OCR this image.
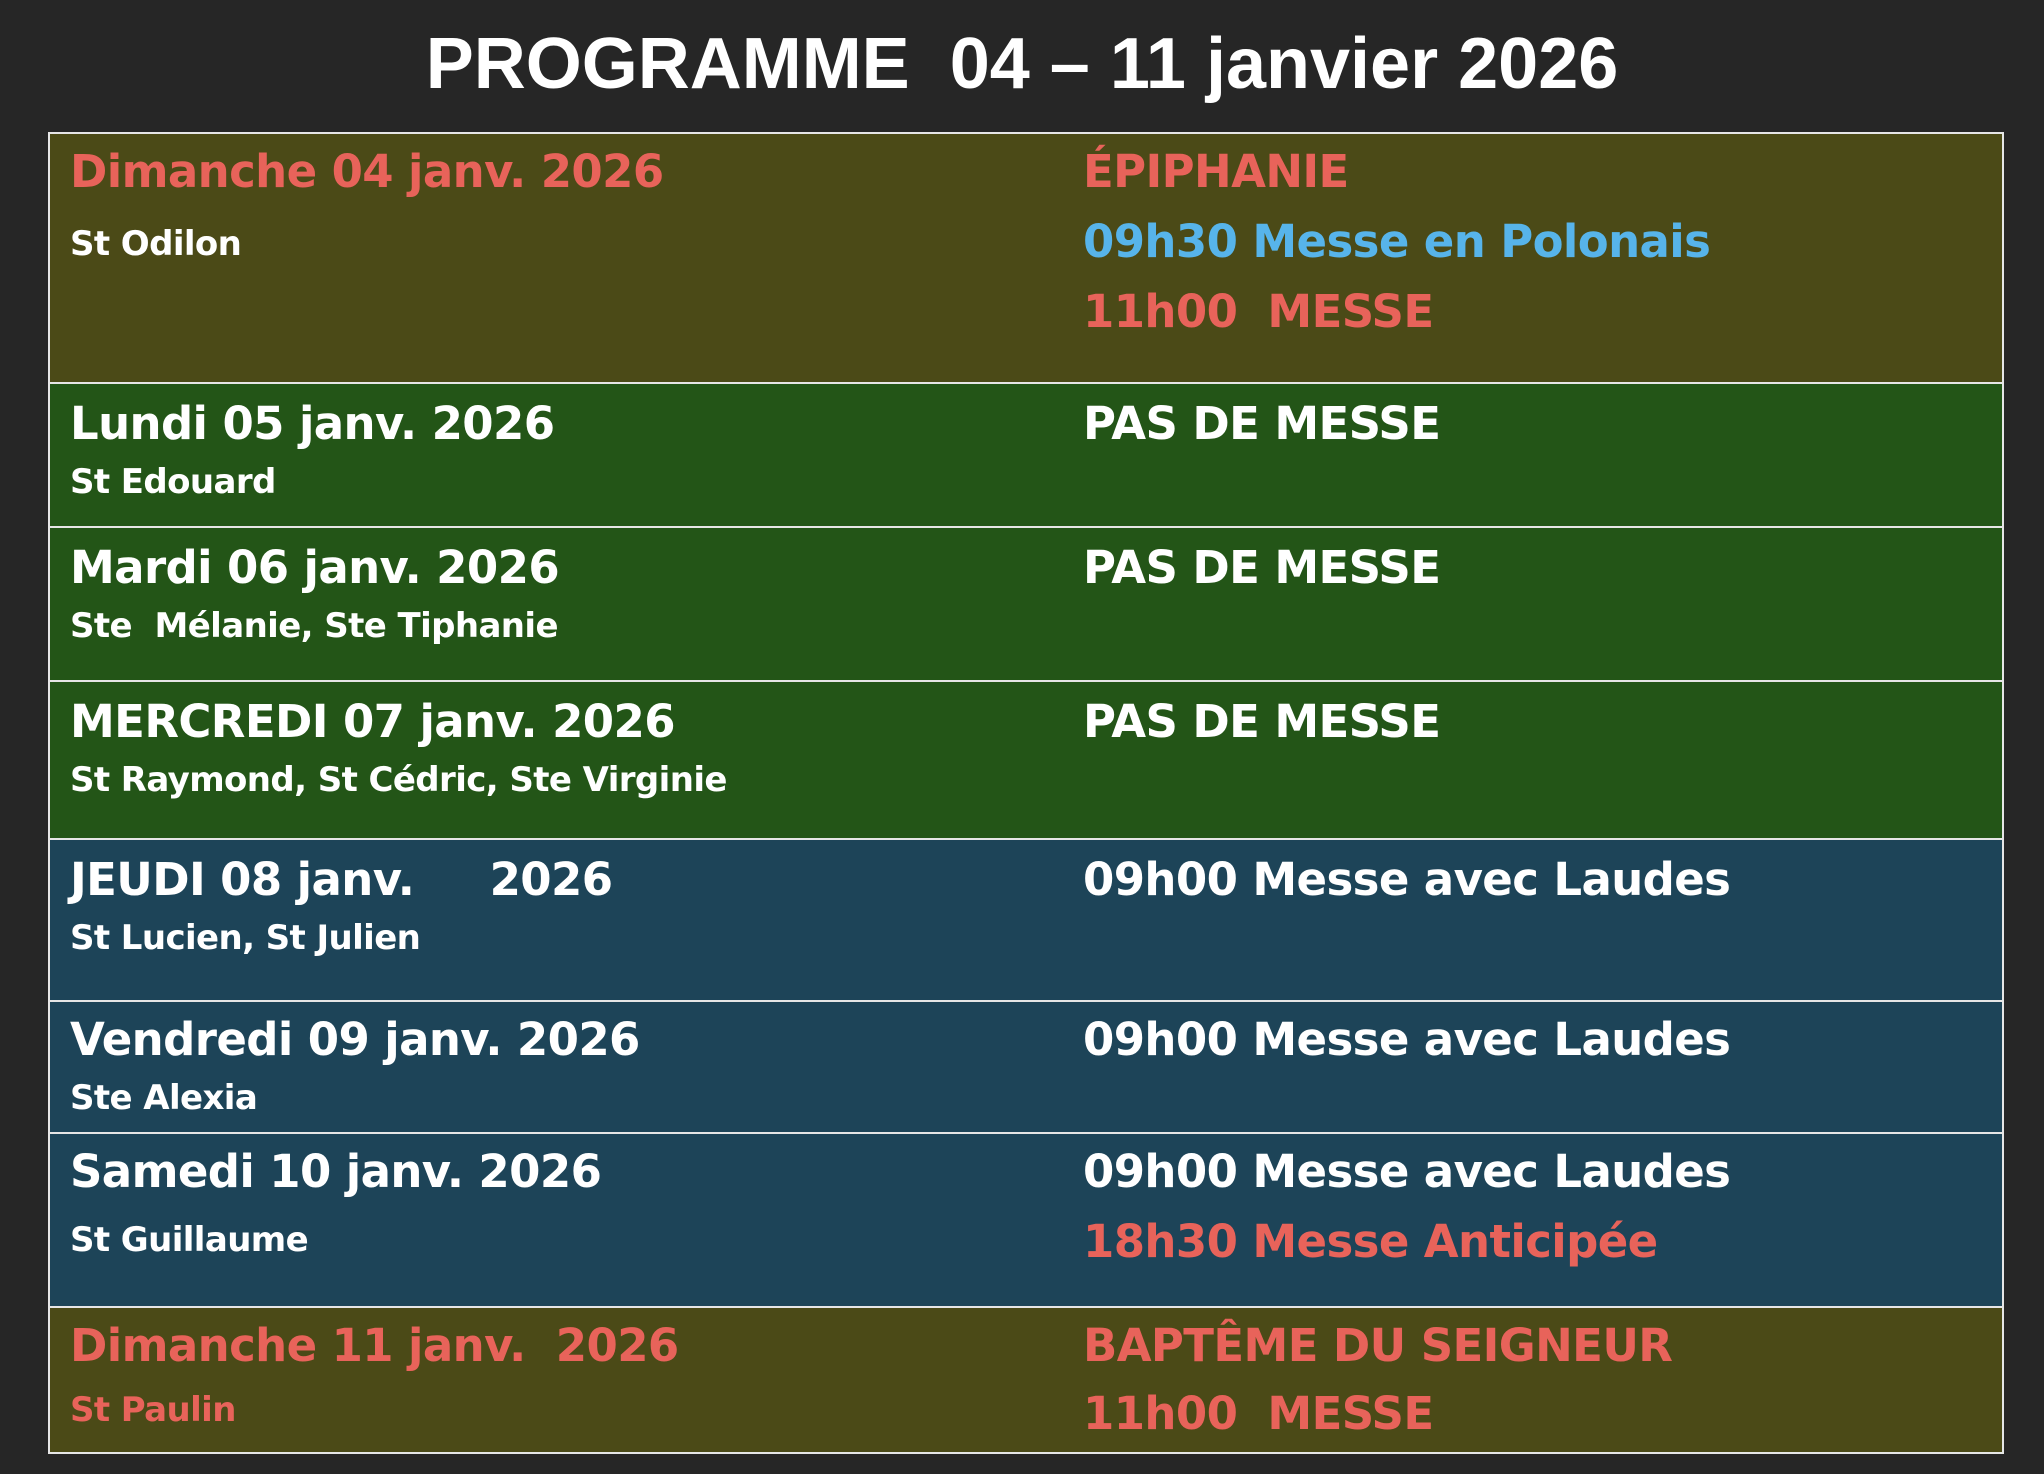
PROGRAMME  04 – 11 janvier 2026
Dimanche 04 janv. 2026
St Odilon
ÉPIPHANIE
09h30 Messe en Polonais
11h00  MESSE
Lundi 05 janv. 2026
St Edouard
PAS DE MESSE
Mardi 06 janv. 2026
Ste  Mélanie, Ste Tiphanie
PAS DE MESSE
MERCREDI 07 janv. 2026
St Raymond, St Cédric, Ste Virginie
PAS DE MESSE
JEUDI 08 janv.     2026
St Lucien, St Julien
09h00 Messe avec Laudes
Vendredi 09 janv. 2026
Ste Alexia
09h00 Messe avec Laudes
Samedi 10 janv. 2026
St Guillaume
09h00 Messe avec Laudes
18h30 Messe Anticipée
Dimanche 11 janv.  2026
St Paulin
BAPTÊME DU SEIGNEUR
11h00  MESSE
